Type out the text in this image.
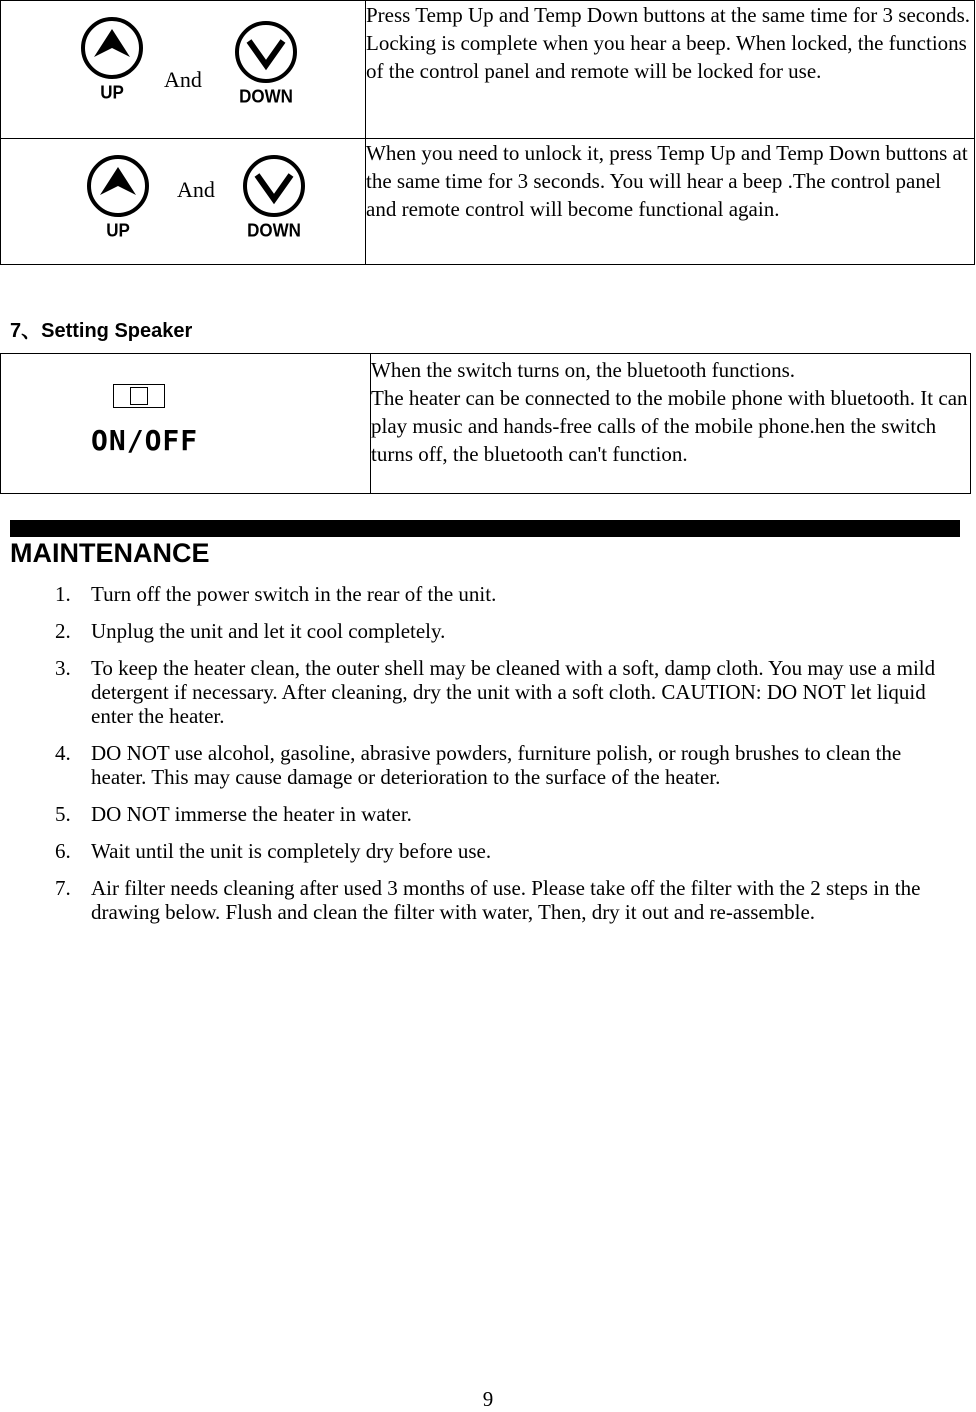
UP
And
DOWN	Press Temp Up and Temp Down buttons at the same time for 3 seconds. Locking is complete when you hear a beep. When locked, the functions of the control panel and remote will be locked for use.

UP
And
DOWN	When you need to unlock it, press Temp Up and Temp Down buttons at the same time for 3 seconds. You will hear a beep .The control panel and remote control will become functional again.
7、Setting Speaker
ON/OFF
	When the switch turns on, the bluetooth functions.
The heater can be connected to the mobile phone with bluetooth. It can play music and hands-free calls of the mobile phone.hen the switch turns off, the bluetooth can't function.
MAINTENANCE
1. Turn off the power switch in the rear of the unit.
2. Unplug the unit and let it cool completely.
3. To keep the heater clean, the outer shell may be cleaned with a soft, damp cloth. You may use a mild detergent if necessary. After cleaning, dry the unit with a soft cloth. CAUTION: DO NOT let liquid enter the heater.
4. DO NOT use alcohol, gasoline, abrasive powders, furniture polish, or rough brushes to clean the heater. This may cause damage or deterioration to the surface of the heater.
5. DO NOT immerse the heater in water.
6. Wait until the unit is completely dry before use.
7. Air filter needs cleaning after used 3 months of use. Please take off the filter with the 2 steps in the drawing below. Flush and clean the filter with water, Then, dry it out and re-assemble.
9
